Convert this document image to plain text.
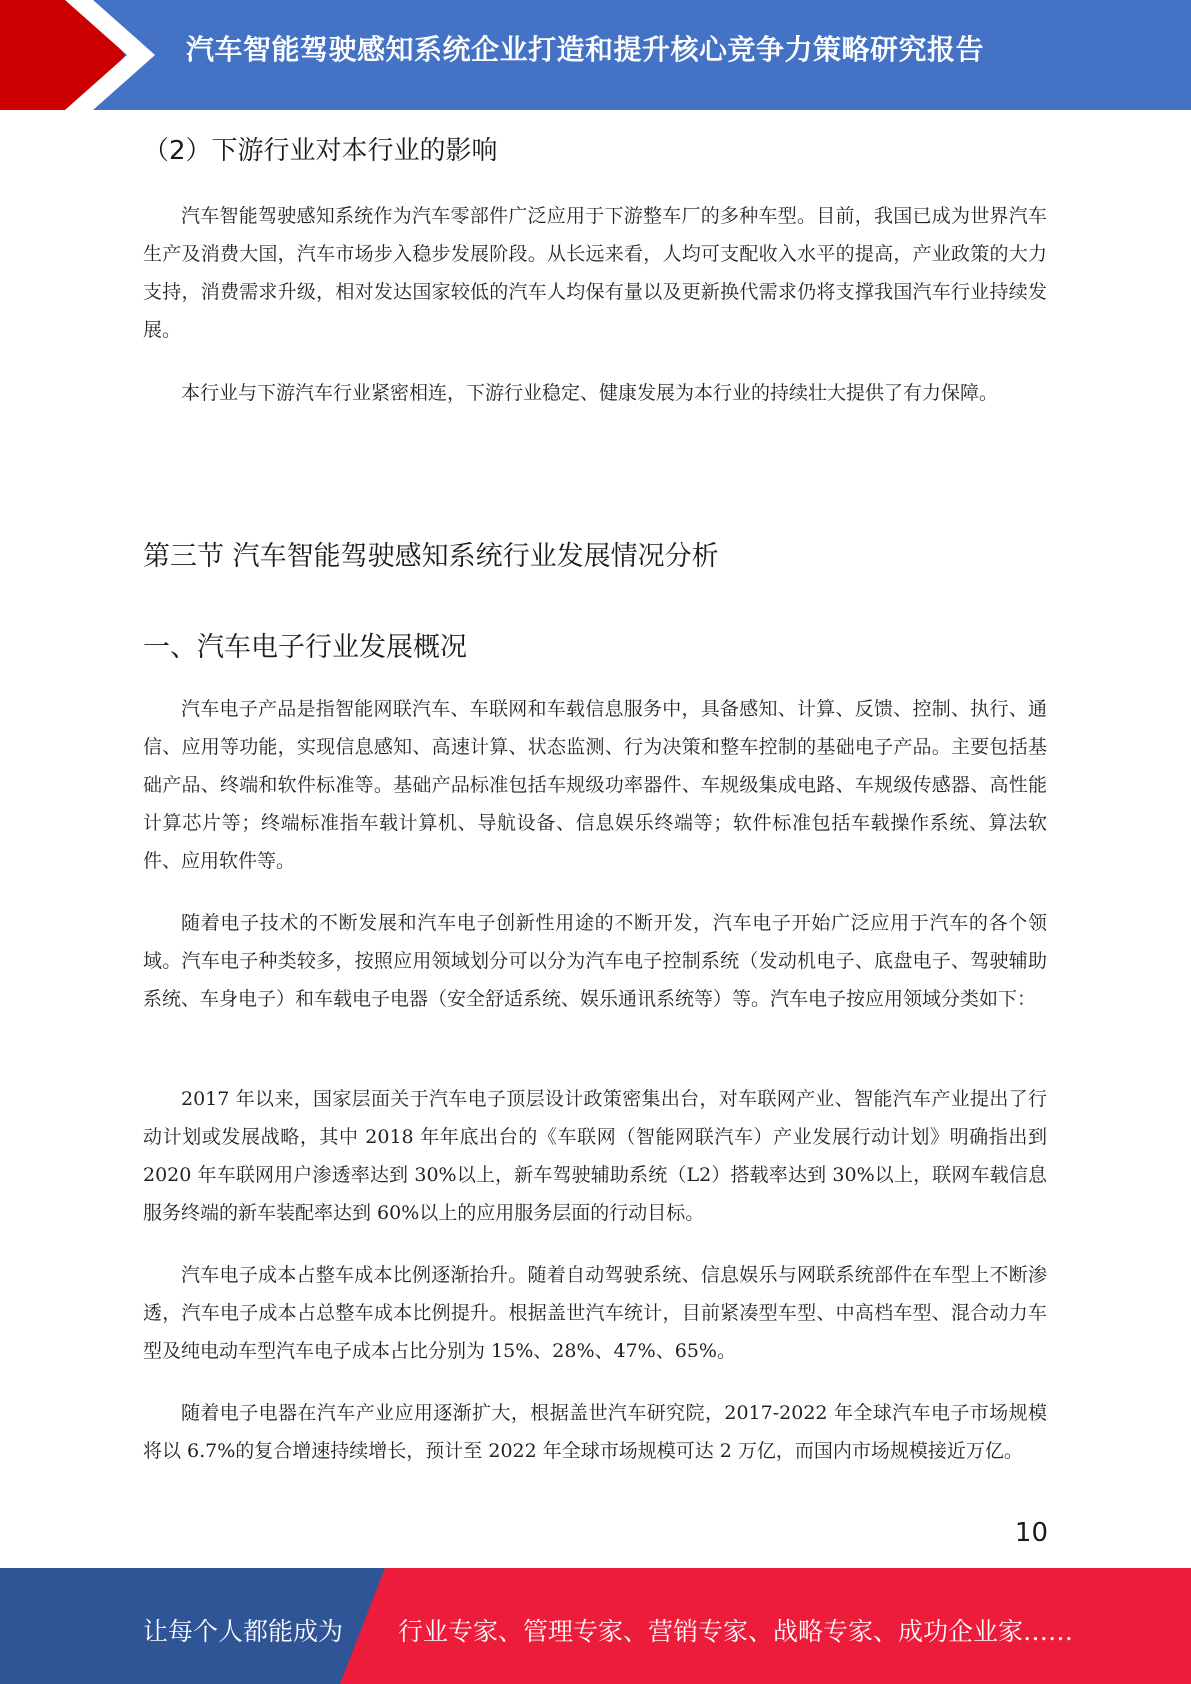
汽车智能驾驶感知系统企业打造和提升核心竞争力策略研究报告
（2）下游行业对本行业的影响

汽车智能驾驶感知系统作为汽车零部件广泛应用于下游整车厂的多种车型。目前，我国已成为世界汽车生产及消费大国，汽车市场步入稳步发展阶段。从长远来看，人均可支配收入水平的提高，产业政策的大力支持，消费需求升级，相对发达国家较低的汽车人均保有量以及更新换代需求仍将支撑我国汽车行业持续发展。

本行业与下游汽车行业紧密相连，下游行业稳定、健康发展为本行业的持续壮大提供了有力保障。

第三节 汽车智能驾驶感知系统行业发展情况分析
一、汽车电子行业发展概况

汽车电子产品是指智能网联汽车、车联网和车载信息服务中，具备感知、计算、反馈、控制、执行、通信、应用等功能，实现信息感知、高速计算、状态监测、行为决策和整车控制的基础电子产品。主要包括基础产品、终端和软件标准等。基础产品标准包括车规级功率器件、车规级集成电路、车规级传感器、高性能计算芯片等；终端标准指车载计算机、导航设备、信息娱乐终端等；软件标准包括车载操作系统、算法软件、应用软件等。

随着电子技术的不断发展和汽车电子创新性用途的不断开发，汽车电子开始广泛应用于汽车的各个领域。汽车电子种类较多，按照应用领域划分可以分为汽车电子控制系统（发动机电子、底盘电子、驾驶辅助系统、车身电子）和车载电子电器（安全舒适系统、娱乐通讯系统等）等。汽车电子按应用领域分类如下：

2017 年以来，国家层面关于汽车电子顶层设计政策密集出台，对车联网产业、智能汽车产业提出了行动计划或发展战略，其中 2018 年年底出台的《车联网（智能网联汽车）产业发展行动计划》明确指出到 2020 年车联网用户渗透率达到 30%以上，新车驾驶辅助系统（L2）搭载率达到 30%以上，联网车载信息服务终端的新车装配率达到 60%以上的应用服务层面的行动目标。

汽车电子成本占整车成本比例逐渐抬升。随着自动驾驶系统、信息娱乐与网联系统部件在车型上不断渗透，汽车电子成本占总整车成本比例提升。根据盖世汽车统计，目前紧凑型车型、中高档车型、混合动力车型及纯电动车型汽车电子成本占比分别为 15%、28%、47%、65%。

随着电子电器在汽车产业应用逐渐扩大，根据盖世汽车研究院，2017-2022 年全球汽车电子市场规模将以 6.7%的复合增速持续增长，预计至 2022 年全球市场规模可达 2 万亿，而国内市场规模接近万亿。

10
让每个人都能成为 行业专家、管理专家、营销专家、战略专家、成功企业家……
